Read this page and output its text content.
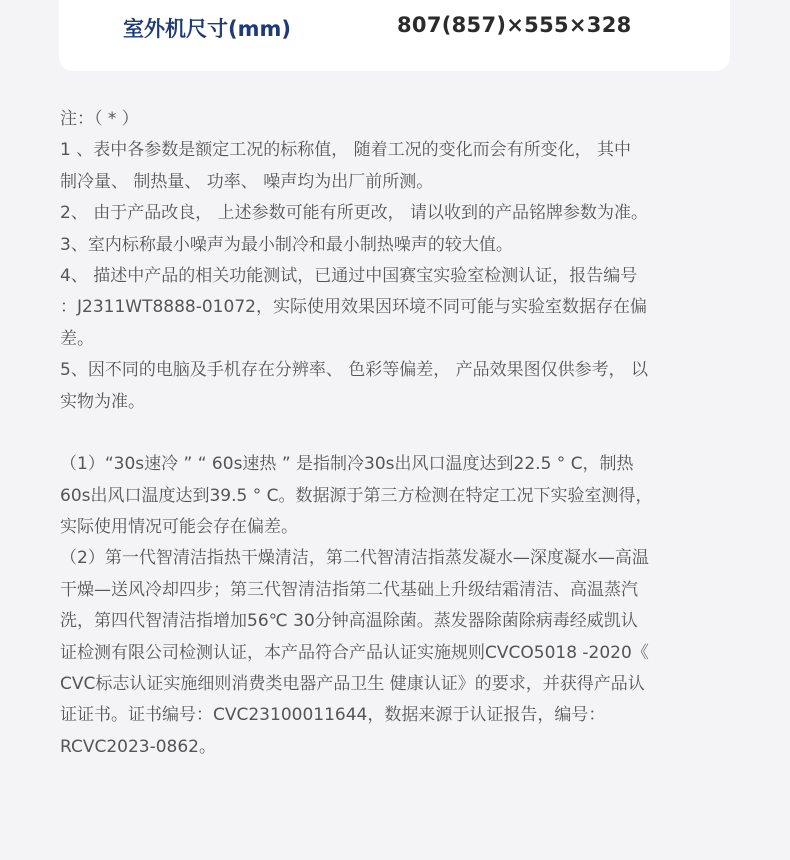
室外机尺寸(mm)	807(857)×555×328
注：（ * ）
1 、表中各参数是额定工况的标称值， 随着工况的变化而会有所变化， 其中
制冷量、 制热量、 功率、 噪声均为出厂前所测。
2、 由于产品改良， 上述参数可能有所更改， 请以收到的产品铭牌参数为准。
3、室内标称最小噪声为最小制冷和最小制热噪声的较大值。
4、 描述中产品的相关功能测试，已通过中国赛宝实验室检测认证，报告编号
：J2311WT8888-01072，实际使用效果因环境不同可能与实验室数据存在偏
差。
5、因不同的电脑及手机存在分辨率、 色彩等偏差， 产品效果图仅供参考， 以
实物为准。
（1）“30s速冷 ” “ 60s速热 ” 是指制冷30s出风口温度达到22.5 ° C，制热
60s出风口温度达到39.5 ° C。数据源于第三方检测在特定工况下实验室测得，
实际使用情况可能会存在偏差。
（2）第一代智清洁指热干燥清洁，第二代智清洁指蒸发凝水—深度凝水—高温
干燥—送风冷却四步；第三代智清洁指第二代基础上升级结霜清洁、高温蒸汽
洗，第四代智清洁指增加56℃ 30分钟高温除菌。蒸发器除菌除病毒经威凯认
证检测有限公司检测认证，本产品符合产品认证实施规则CVCO5018 -2020《
CVC标志认证实施细则消费类电器产品卫生 健康认证》的要求，并获得产品认
证证书。证书编号：CVC23100011644，数据来源于认证报告，编号：
RCVC2023-0862。
